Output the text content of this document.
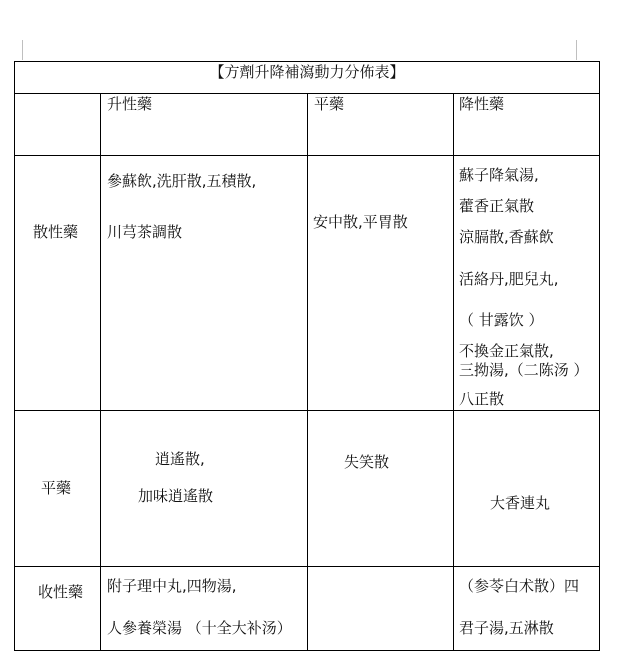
【方劑升降補瀉動力分佈表】
升性藥	平藥	降性藥
散性藥
參蘇飲,洗肝散,五積散,
川芎茶調散
安中散,平胃散
蘇子降氣湯,
藿香正氣散
涼膈散,香蘇飲
活絡丹,肥兒丸,
（ 甘露饮 ）
不換金正氣散,
三拗湯,（二陈汤 ）
八正散
平藥
逍遙散,
加味逍遙散
失笑散
大香連丸
收性藥 附子理中丸,四物湯,
人參養榮湯 （十全大补汤）
（参苓白术散）四
君子湯,五淋散
